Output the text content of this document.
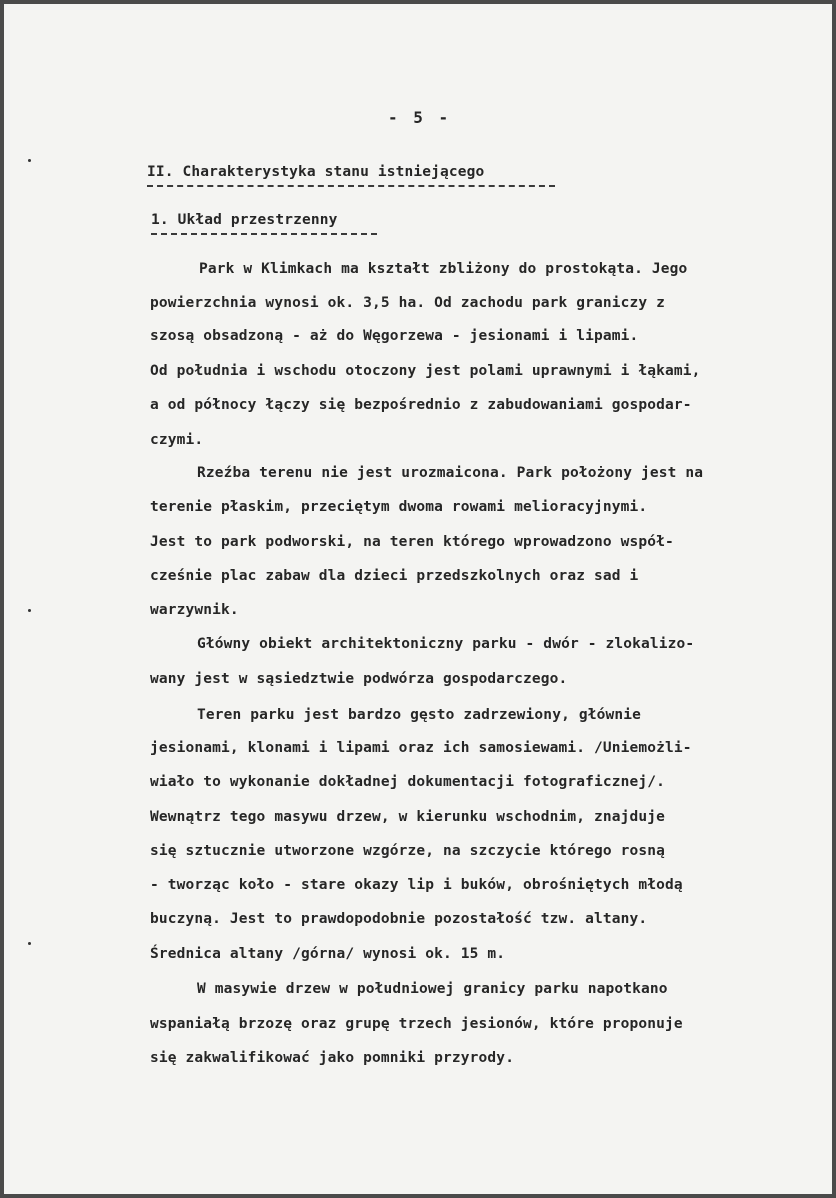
- 5 -
II. Charakterystyka stanu istniejącego
1. Układ przestrzenny
Park w Klimkach ma kształt zbliżony do prostokąta. Jego
powierzchnia wynosi ok. 3,5 ha. Od zachodu park graniczy z
szosą obsadzoną - aż do Węgorzewa - jesionami i lipami.
Od południa i wschodu otoczony jest polami uprawnymi i łąkami,
a od północy łączy się bezpośrednio z zabudowaniami gospodar-
czymi.
Rzeźba terenu nie jest urozmaicona. Park położony jest na
terenie płaskim, przeciętym dwoma rowami melioracyjnymi.
Jest to park podworski, na teren którego wprowadzono współ-
cześnie plac zabaw dla dzieci przedszkolnych oraz sad i
warzywnik.
Główny obiekt architektoniczny parku - dwór - zlokalizo-
wany jest w sąsiedztwie podwórza gospodarczego.
Teren parku jest bardzo gęsto zadrzewiony, głównie
jesionami, klonami i lipami oraz ich samosiewami. /Uniemożli-
wiało to wykonanie dokładnej dokumentacji fotograficznej/.
Wewnątrz tego masywu drzew, w kierunku wschodnim, znajduje
się sztucznie utworzone wzgórze, na szczycie którego rosną
- tworząc koło - stare okazy lip i buków, obrośniętych młodą
buczyną. Jest to prawdopodobnie pozostałość tzw. altany.
Średnica altany /górna/ wynosi ok. 15 m.
W masywie drzew w południowej granicy parku napotkano
wspaniałą brzozę oraz grupę trzech jesionów, które proponuje
się zakwalifikować jako pomniki przyrody.
